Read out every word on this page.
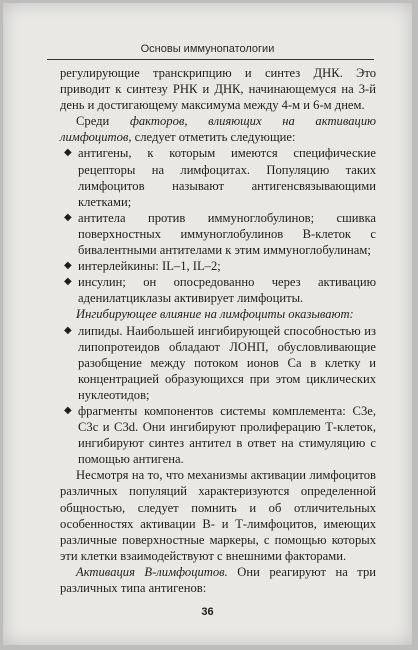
Основы иммунопатологии

регулирующие транскрипцию и синтез ДНК. Это приводит к синтезу РНК и ДНК, начинающемуся на 3-й день и достигающему максимума между 4-м и 6-м днем.

Среди факторов, влияющих на активацию лимфоцитов, следует отметить следующие:

◆ антигены, к которым имеются специфические рецепторы на лимфоцитах. Популяцию таких лимфоцитов называют антигенсвязывающими клетками;
◆ антитела против иммуноглобулинов; сшивка поверхностных иммуноглобулинов В-клеток с бивалентными антителами к этим иммуноглобулинам;
◆ интерлейкины: IL–1, IL–2;
◆ инсулин; он опосредованно через активацию аденилатциклазы активирует лимфоциты.

Ингибирующее влияние на лимфоциты оказывают:

◆ липиды. Наибольшей ингибирующей способностью из липопротеидов обладают ЛОНП, обусловливающие разобщение между потоком ионов Са в клетку и концентрацией образующихся при этом циклических нуклеотидов;
◆ фрагменты компонентов системы комплемента: С3е, С3с и С3d. Они ингибируют пролиферацию Т-клеток, ингибируют синтез антител в ответ на стимуляцию с помощью антигена.

Несмотря на то, что механизмы активации лимфоцитов различных популяций характеризуются определенной общностью, следует помнить и об отличительных особенностях активации В- и Т-лимфоцитов, имеющих различные поверхностные маркеры, с помощью которых эти клетки взаимодействуют с внешними факторами.

Активация В-лимфоцитов. Они реагируют на три различных типа антигенов:

36
